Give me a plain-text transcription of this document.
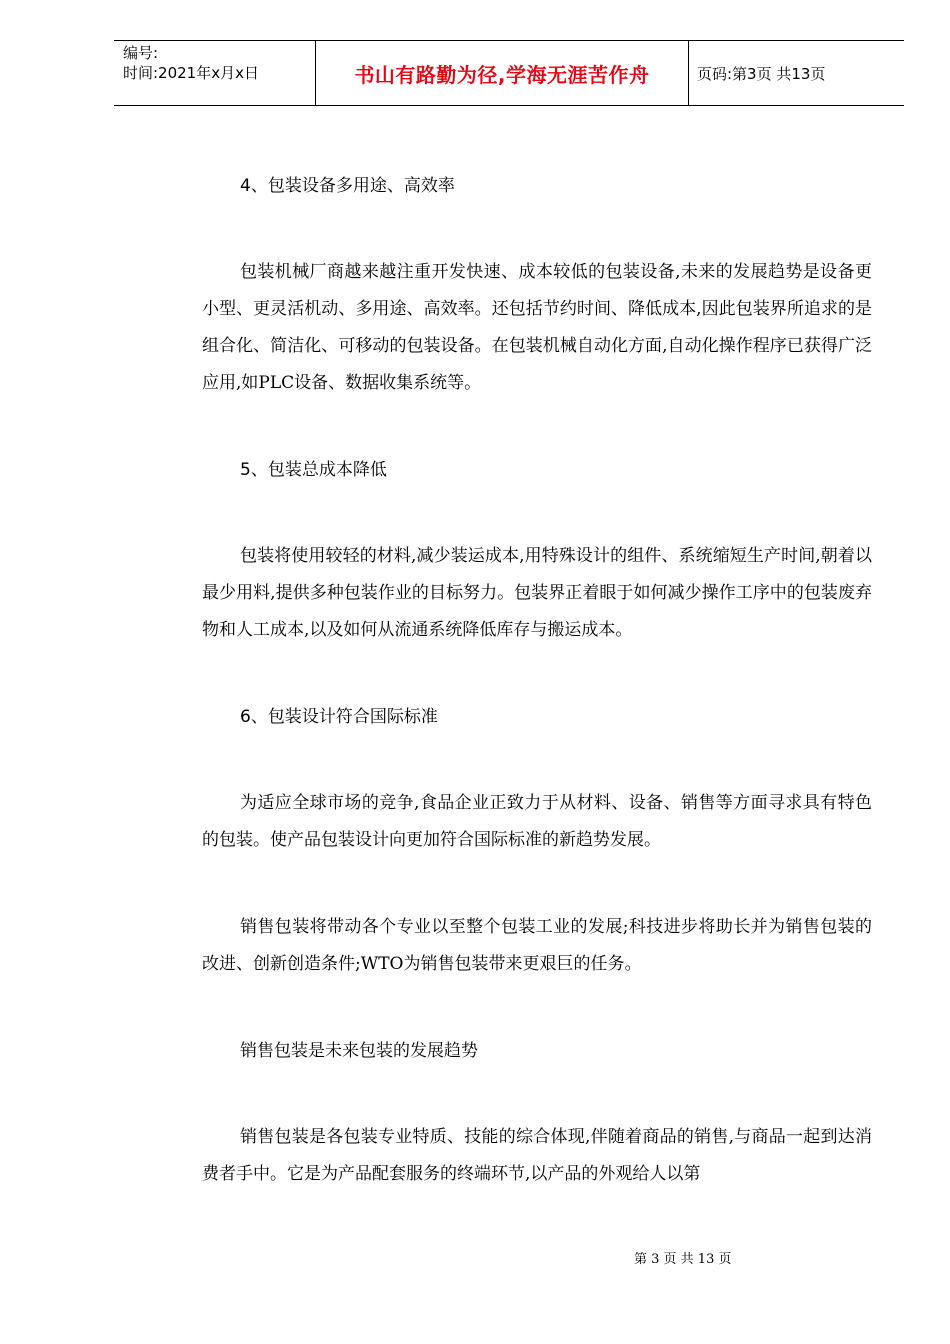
编号:
时间:2021年x月x日	书山有路勤为径,学海无涯苦作舟	页码:第3页 共13页
4、包装设备多用途、高效率

包装机械厂商越来越注重开发快速、成本较低的包装设备,未来的发展趋势是设备更小型、更灵活机动、多用途、高效率。还包括节约时间、降低成本,因此包装界所追求的是组合化、简洁化、可移动的包装设备。在包装机械自动化方面,自动化操作程序已获得广泛应用,如PLC设备、数据收集系统等。

5、包装总成本降低

包装将使用较轻的材料,减少装运成本,用特殊设计的组件、系统缩短生产时间,朝着以最少用料,提供多种包装作业的目标努力。包装界正着眼于如何减少操作工序中的包装废弃物和人工成本,以及如何从流通系统降低库存与搬运成本。

6、包装设计符合国际标准

为适应全球市场的竞争,食品企业正致力于从材料、设备、销售等方面寻求具有特色的包装。使产品包装设计向更加符合国际标准的新趋势发展。

销售包装将带动各个专业以至整个包装工业的发展;科技进步将助长并为销售包装的改进、创新创造条件;WTO为销售包装带来更艰巨的任务。

销售包装是未来包装的发展趋势

销售包装是各包装专业特质、技能的综合体现,伴随着商品的销售,与商品一起到达消费者手中。它是为产品配套服务的终端环节,以产品的外观给人以第

第 3 页 共 13 页
